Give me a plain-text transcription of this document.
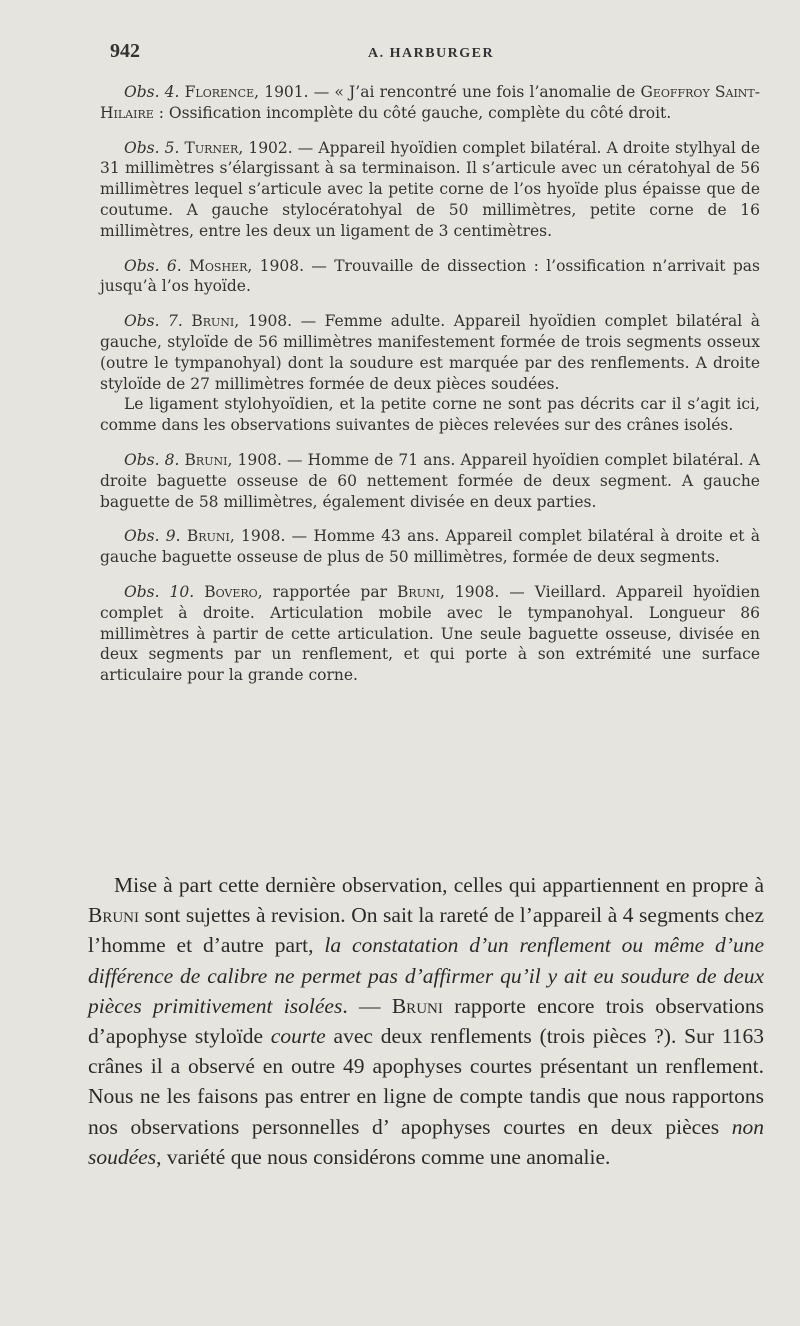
942	A. HARBURGER

Obs. 4. Florence, 1901. — « J’ai rencontré une fois l’anomalie de Geoffroy Saint-Hilaire : Ossification incomplète du côté gauche, complète du côté droit.

Obs. 5. Turner, 1902. — Appareil hyoïdien complet bilatéral. A droite stylhyal de 31 millimètres s’élargissant à sa terminaison. Il s’articule avec un cératohyal de 56 millimètres lequel s’articule avec la petite corne de l’os hyoïde plus épaisse que de coutume. A gauche stylocératohyal de 50 millimètres, petite corne de 16 millimètres, entre les deux un ligament de 3 centimètres.

Obs. 6. Mosher, 1908. — Trouvaille de dissection : l’ossification n’arrivait pas jusqu’à l’os hyoïde.

Obs. 7. Bruni, 1908. — Femme adulte. Appareil hyoïdien complet bilatéral à gauche, styloïde de 56 millimètres manifestement formée de trois segments osseux (outre le tympanohyal) dont la soudure est marquée par des renflements. A droite styloïde de 27 millimètres formée de deux pièces soudées.

Le ligament stylohyoïdien, et la petite corne ne sont pas décrits car il s’agit ici, comme dans les observations suivantes de pièces relevées sur des crânes isolés.

Obs. 8. Bruni, 1908. — Homme de 71 ans. Appareil hyoïdien complet bilatéral. A droite baguette osseuse de 60 nettement formée de deux segment. A gauche baguette de 58 millimètres, également divisée en deux parties.

Obs. 9. Bruni, 1908. — Homme 43 ans. Appareil complet bilatéral à droite et à gauche baguette osseuse de plus de 50 millimètres, formée de deux segments.

Obs. 10. Bovero, rapportée par Bruni, 1908. — Vieillard. Appareil hyoïdien complet à droite. Articulation mobile avec le tympanohyal. Longueur 86 millimètres à partir de cette articulation. Une seule baguette osseuse, divisée en deux segments par un renflement, et qui porte à son extrémité une surface articulaire pour la grande corne.

Mise à part cette dernière observation, celles qui appartiennent en propre à Bruni sont sujettes à revision. On sait la rareté de l’appareil à 4 segments chez l’homme et d’autre part, la constatation d’un renflement ou même d’une différence de calibre ne permet pas d’affirmer qu’il y ait eu soudure de deux pièces primitivement isolées. — Bruni rapporte encore trois observations d’apophyse styloïde courte avec deux renflements (trois pièces ?). Sur 1163 crânes il a observé en outre 49 apophyses courtes présentant un renflement. Nous ne les faisons pas entrer en ligne de compte tandis que nous rapportons nos observations personnelles d’ apophyses courtes en deux pièces non soudées, variété que nous considérons comme une anomalie.
